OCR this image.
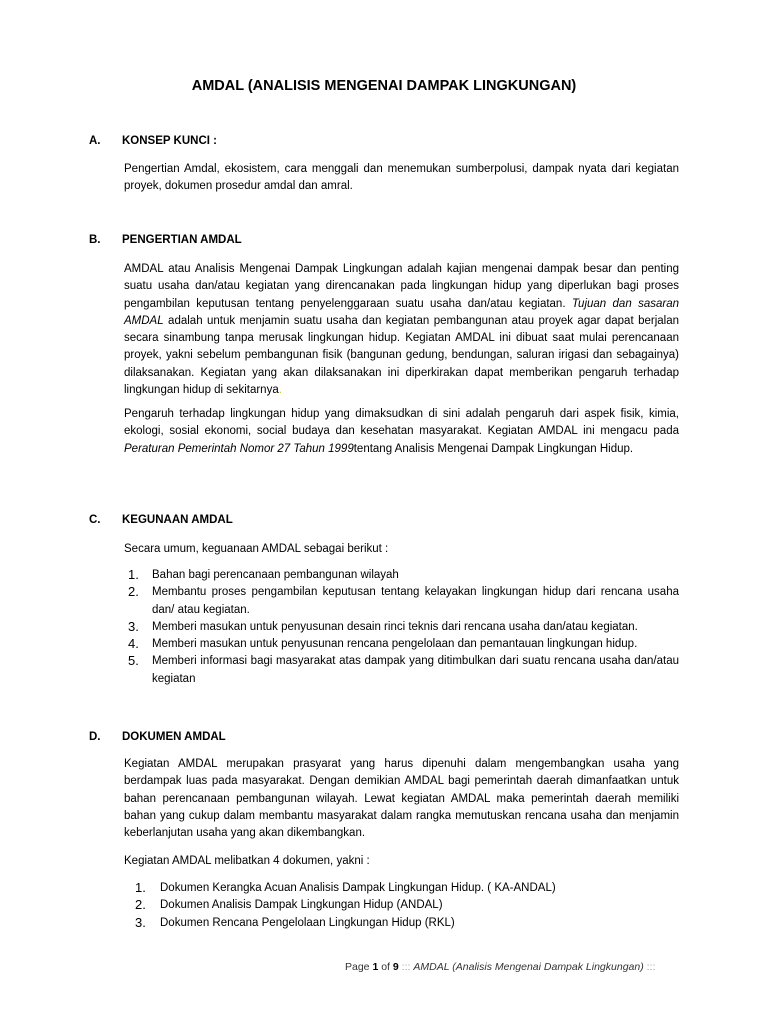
AMDAL (ANALISIS MENGENAI DAMPAK LINGKUNGAN)
A. KONSEP KUNCI :
Pengertian Amdal, ekosistem, cara menggali dan menemukan sumberpolusi, dampak nyata dari kegiatan proyek, dokumen prosedur amdal dan amral.
B. PENGERTIAN AMDAL
AMDAL atau Analisis Mengenai Dampak Lingkungan adalah kajian mengenai dampak besar dan penting suatu usaha dan/atau kegiatan yang direncanakan pada lingkungan hidup yang diperlukan bagi proses pengambilan keputusan tentang penyelenggaraan suatu usaha dan/atau kegiatan. Tujuan dan sasaran AMDAL adalah untuk menjamin suatu usaha dan kegiatan pembangunan atau proyek agar dapat berjalan secara sinambung tanpa merusak lingkungan hidup. Kegiatan AMDAL ini dibuat saat mulai perencanaan proyek, yakni sebelum pembangunan fisik (bangunan gedung, bendungan, saluran irigasi dan sebagainya) dilaksanakan. Kegiatan yang akan dilaksanakan ini diperkirakan dapat memberikan pengaruh terhadap lingkungan hidup di sekitarnya.
Pengaruh terhadap lingkungan hidup yang dimaksudkan di sini adalah pengaruh dari aspek fisik, kimia, ekologi, sosial ekonomi, social budaya dan kesehatan masyarakat. Kegiatan AMDAL ini mengacu pada Peraturan Pemerintah Nomor 27 Tahun 1999tentang Analisis Mengenai Dampak Lingkungan Hidup.
C. KEGUNAAN AMDAL
Secara umum, keguanaan AMDAL sebagai berikut :
1. Bahan bagi perencanaan pembangunan wilayah
2. Membantu proses pengambilan keputusan tentang kelayakan lingkungan hidup dari rencana usaha dan/ atau kegiatan.
3. Memberi masukan untuk penyusunan desain rinci teknis dari rencana usaha dan/atau kegiatan.
4. Memberi masukan untuk penyusunan rencana pengelolaan dan pemantauan lingkungan hidup.
5. Memberi informasi bagi masyarakat atas dampak yang ditimbulkan dari suatu rencana usaha dan/atau kegiatan
D. DOKUMEN AMDAL
Kegiatan AMDAL merupakan prasyarat yang harus dipenuhi dalam mengembangkan usaha yang berdampak luas pada masyarakat. Dengan demikian AMDAL bagi pemerintah daerah dimanfaatkan untuk bahan perencanaan pembangunan wilayah. Lewat kegiatan AMDAL maka pemerintah daerah memiliki bahan yang cukup dalam membantu masyarakat dalam rangka memutuskan rencana usaha dan menjamin keberlanjutan usaha yang akan dikembangkan.
Kegiatan AMDAL melibatkan 4 dokumen, yakni :
1. Dokumen Kerangka Acuan Analisis Dampak Lingkungan Hidup. ( KA-ANDAL)
2. Dokumen Analisis Dampak Lingkungan Hidup (ANDAL)
3. Dokumen Rencana Pengelolaan Lingkungan Hidup (RKL)
Page 1 of 9 ::: AMDAL (Analisis Mengenai Dampak Lingkungan) :::
